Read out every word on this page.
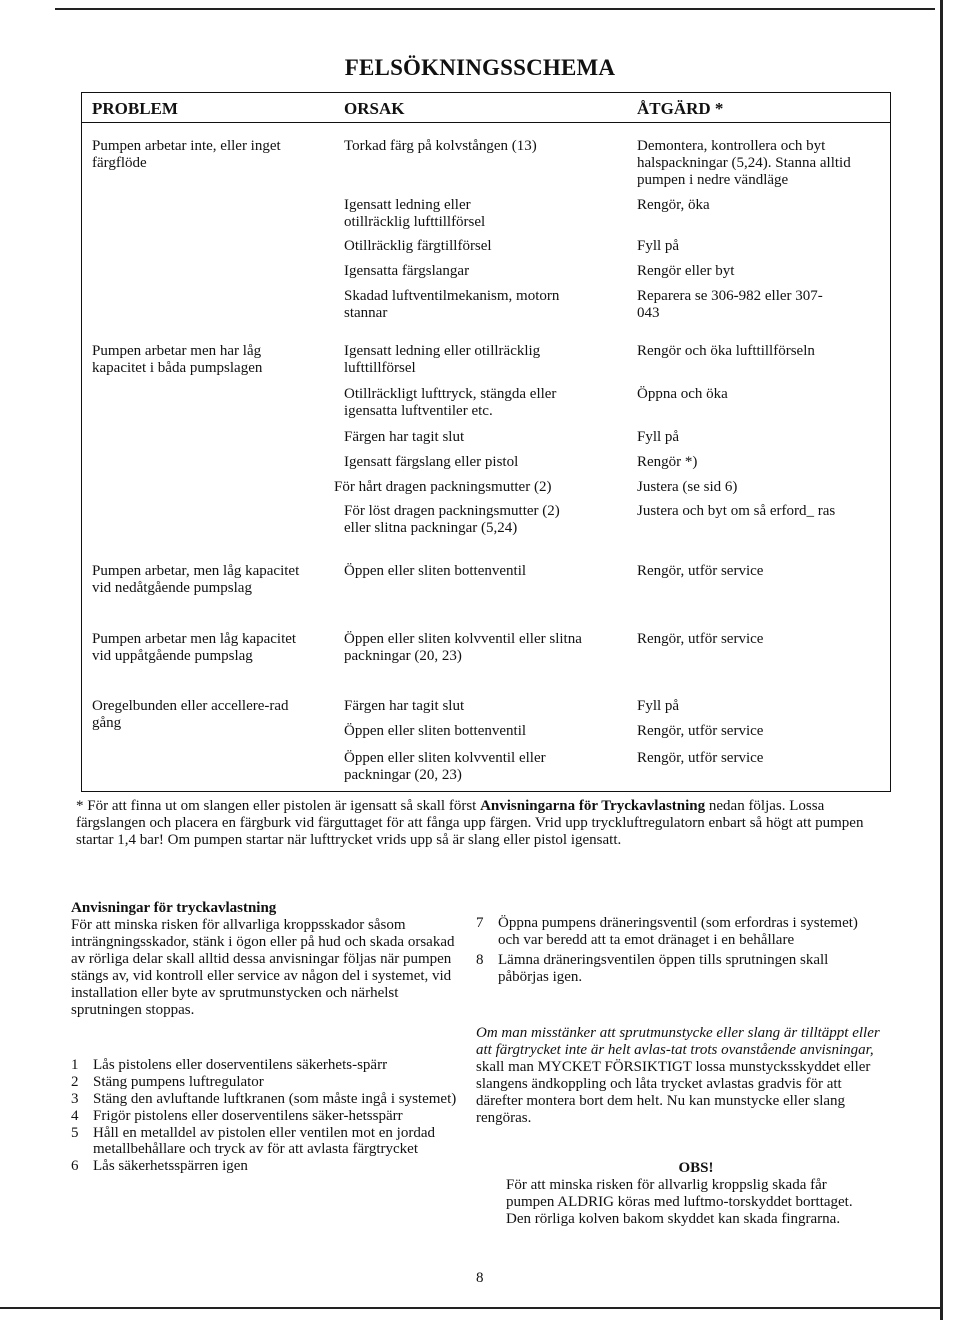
FELSÖKNINGSSCHEMA
PROBLEM	ORSAK	ÅTGÄRD *
Pumpen arbetar inte, eller inget färgflöde
Pumpen arbetar men har låg kapacitet i båda pumpslagen
Pumpen arbetar, men låg kapacitet vid nedåtgående pumpslag
Pumpen arbetar men låg kapacitet vid uppåtgående pumpslag
Oregelbunden eller accellere-rad gång
Torkad färg på kolvstången (13)
Igensatt ledning eller otillräcklig lufttillförsel
Otillräcklig färgtillförsel
Igensatta färgslangar
Skadad luftventilmekanism, motorn stannar
Igensatt ledning eller otillräcklig lufttillförsel
Otillräckligt lufttryck, stängda eller igensatta luftventiler etc.
Färgen har tagit slut
Igensatt färgslang eller pistol
För hårt dragen packningsmutter (2)
För löst dragen packningsmutter (2) eller slitna packningar (5,24)
Öppen eller sliten bottenventil
Öppen eller sliten kolvventil eller slitna packningar (20, 23)
Färgen har tagit slut
Öppen eller sliten bottenventil
Öppen eller sliten kolvventil eller packningar (20, 23)
Demontera, kontrollera och byt halspackningar (5,24). Stanna alltid pumpen i nedre vändläge
Rengör, öka
Fyll på
Rengör eller byt
Reparera se 306-982 eller 307-043
Rengör och öka lufttillförseln
Öppna och öka
Fyll på
Rengör *)
Justera (se sid 6)
Justera och byt om så erford_ ras
Rengör, utför service
Rengör, utför service
Fyll på
Rengör, utför service
Rengör, utför service
* För att finna ut om slangen eller pistolen är igensatt så skall först Anvisningarna för Tryckavlastning nedan följas. Lossa färgslangen och placera en färgburk vid färguttaget för att fånga upp färgen. Vrid upp tryckluftregulatorn enbart så högt att pumpen startar 1,4 bar! Om pumpen startar när lufttrycket vrids upp så är slang eller pistol igensatt.
Anvisningar för tryckavlastning
För att minska risken för allvarliga kroppsskador såsom inträngningsskador, stänk i ögon eller på hud och skada orsakad av rörliga delar skall alltid dessa anvisningar följas när pumpen stängs av, vid kontroll eller service av någon del i systemet, vid installation eller byte av sprutmunstycken och närhelst sprutningen stoppas.
1 Lås pistolens eller doserventilens säkerhets-spärr
2 Stäng pumpens luftregulator
3 Stäng den avluftande luftkranen (som måste ingå i systemet)
4 Frigör pistolens eller doserventilens säker-hetsspärr
5 Håll en metalldel av pistolen eller ventilen mot en jordad metallbehållare och tryck av för att avlasta färgtrycket
6 Lås säkerhetsspärren igen
7 Öppna pumpens dräneringsventil (som erfordras i systemet) och var beredd att ta emot dränaget i en behållare
8 Lämna dräneringsventilen öppen tills sprutningen skall påbörjas igen.
Om man misstänker att sprutmunstycke eller slang är tilltäppt eller att färgtrycket inte är helt avlas-tat trots ovanstående anvisningar, skall man MYCKET FÖRSIKTIGT lossa munstycksskyddet eller slangens ändkoppling och låta trycket avlastas gradvis för att därefter montera bort dem helt. Nu kan munstycke eller slang rengöras.
OBS!
För att minska risken för allvarlig kroppslig skada får pumpen ALDRIG köras med luftmo-torskyddet borttaget. Den rörliga kolven bakom skyddet kan skada fingrarna.
8
